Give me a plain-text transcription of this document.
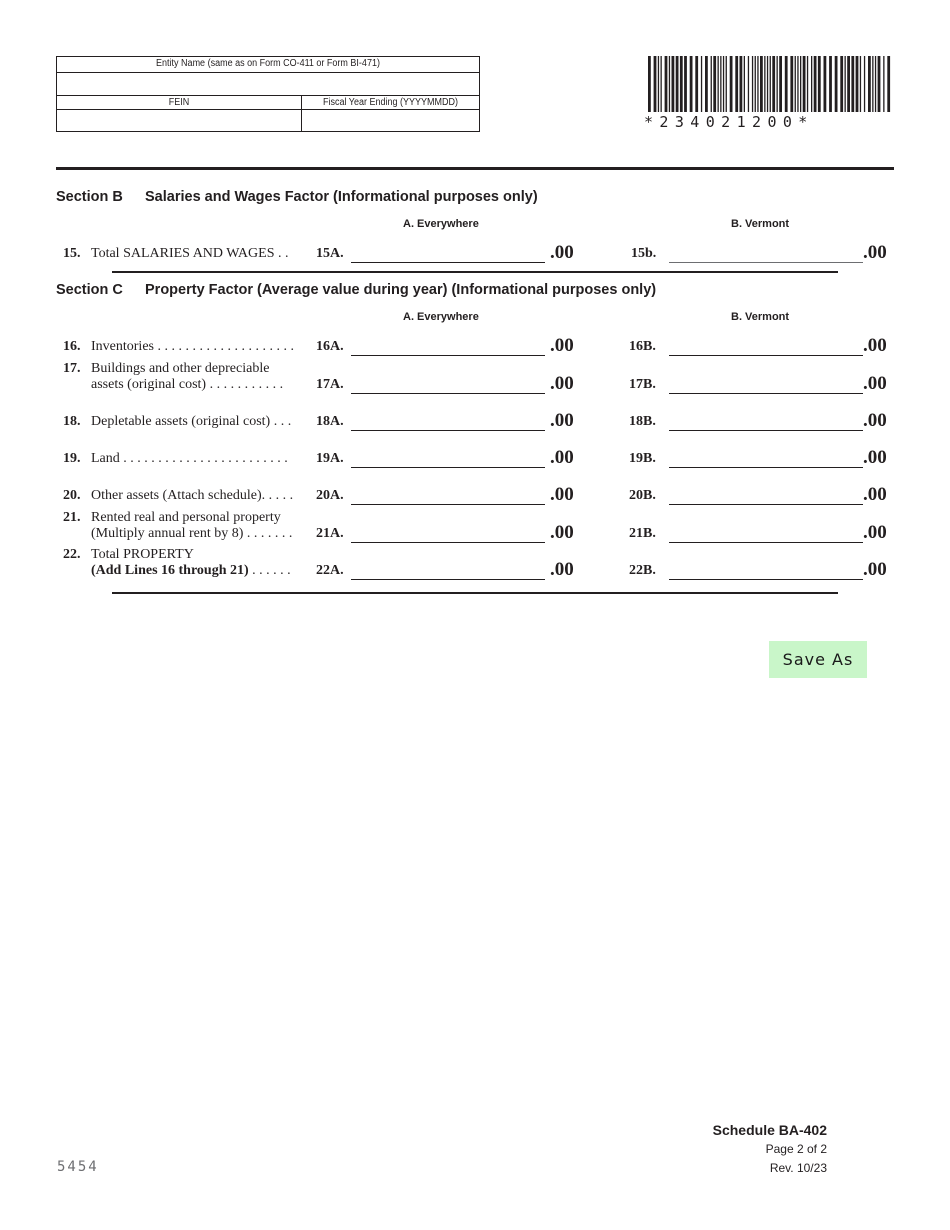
Entity Name (same as on Form CO-411 or Form BI-471)
FEIN	Fiscal Year Ending (YYYYMMDD)
*234021200*
Section B Salaries and Wages Factor (Informational purposes only)
A. Everywhere	B. Vermont
15. Total SALARIES AND WAGES . . 15A.	.00	15b.	.00
Section C Property Factor (Average value during year) (Informational purposes only)
A. Everywhere	B. Vermont
16. Inventories . . . . . . . . . . . . . . . . . . . . 16A.	.00	16B.	.00
17. Buildings and other depreciable
assets (original cost) . . . . . . . . . . . 17A.	.00	17B.	.00
18. Depletable assets (original cost) . . . 18A.	.00	18B.	.00
19. Land . . . . . . . . . . . . . . . . . . . . . . . . 19A.	.00	19B.	.00
20. Other assets (Attach schedule). . . . . 20A.	.00	20B.	.00
21. Rented real and personal property
(Multiply annual rent by 8) . . . . . . . 21A.	.00	21B.	.00
22. Total PROPERTY
(Add Lines 16 through 21) . . . . . . 22A.	.00	22B.	.00
Save As
Schedule BA-402
Page 2 of 2
Rev. 10/23
5454
